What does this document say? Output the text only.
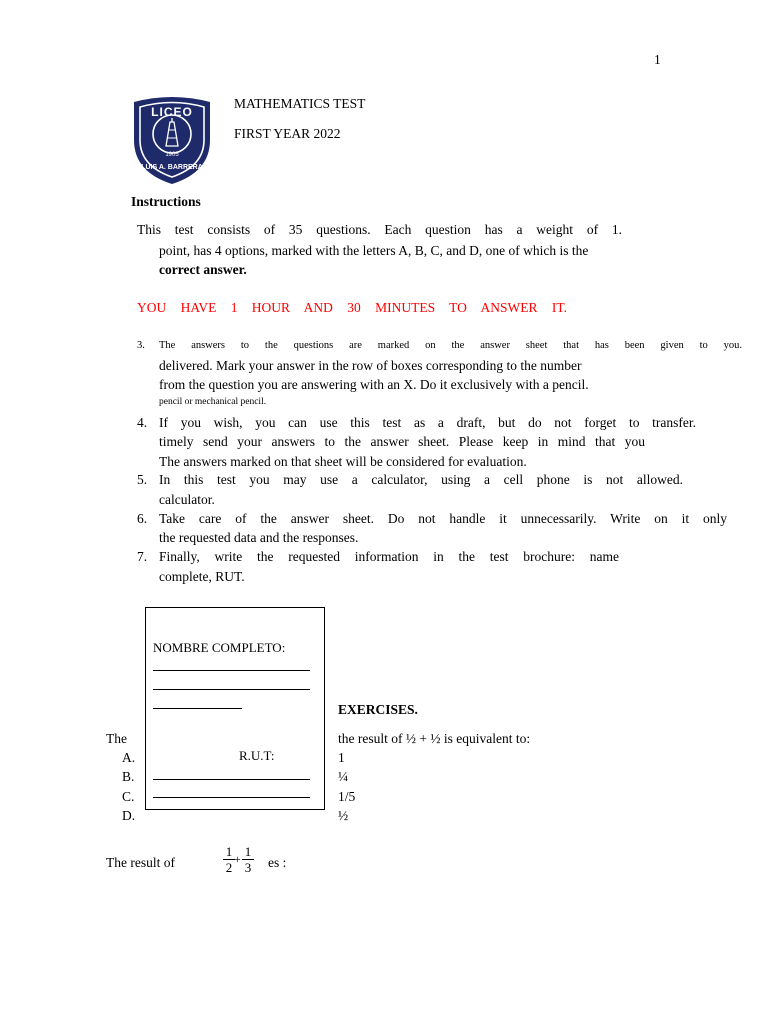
1
LICEO
1905
LUIS A. BARRERA
MATHEMATICS TEST
FIRST YEAR 2022
Instructions
This test consists of 35 questions. Each question has a weight of 1.
point, has 4 options, marked with the letters A, B, C, and D, one of which is the
correct answer.
YOU HAVE 1 HOUR AND 30 MINUTES TO ANSWER IT.
3. The answers to the questions are marked on the answer sheet that has been given to you.
delivered. Mark your answer in the row of boxes corresponding to the number
from the question you are answering with an X. Do it exclusively with a pencil.
pencil or mechanical pencil.
4. If you wish, you can use this test as a draft, but do not forget to transfer.
timely send your answers to the answer sheet. Please keep in mind that you
The answers marked on that sheet will be considered for evaluation.
5. In this test you may use a calculator, using a cell phone is not allowed.
calculator.
6. Take care of the answer sheet. Do not handle it unnecessarily. Write on it only
the requested data and the responses.
7. Finally, write the requested information in the test brochure: name
complete, RUT.
NOMBRE COMPLETO:
R.U.T:
EXERCISES.
The	the result of ½ + ½ is equivalent to:
A.	1
B.	¼
C.	1/5
D.	½
The result of
1
2
+ 1
3 es :
